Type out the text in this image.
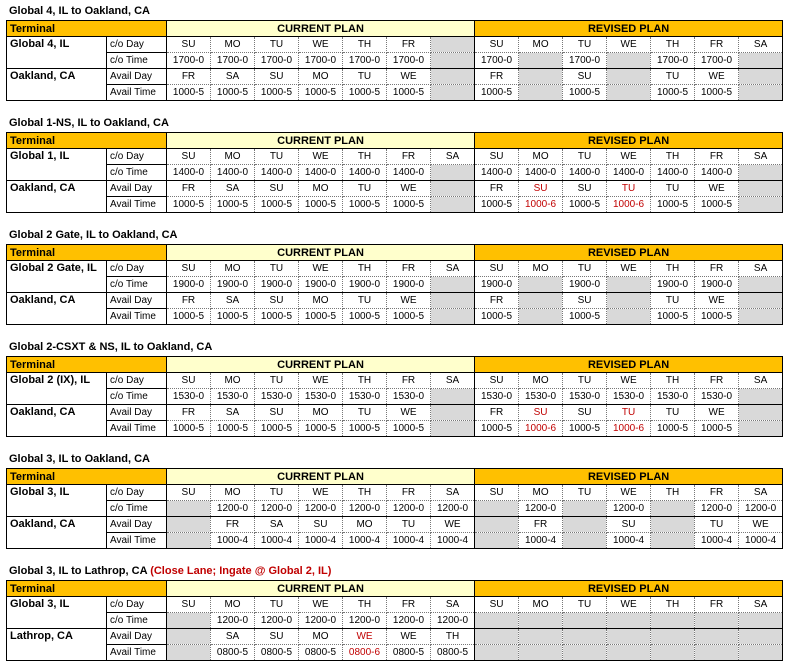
Global 4, IL to Oakland, CA
Terminal		CURRENT PLAN							REVISED PLAN						
Global 4, IL	c/o Day	SU	MO	TU	WE	TH	FR		SU	MO	TU	WE	TH	FR	SA
	c/o Time	1700-0	1700-0	1700-0	1700-0	1700-0	1700-0		1700-0		1700-0		1700-0	1700-0	
Oakland, CA	Avail Day	FR	SA	SU	MO	TU	WE		FR		SU		TU	WE	
	Avail Time	1000-5	1000-5	1000-5	1000-5	1000-5	1000-5		1000-5		1000-5		1000-5	1000-5	
Global 1-NS, IL to Oakland, CA
Terminal		CURRENT PLAN							REVISED PLAN						
Global 1, IL	c/o Day	SU	MO	TU	WE	TH	FR	SA	SU	MO	TU	WE	TH	FR	SA
	c/o Time	1400-0	1400-0	1400-0	1400-0	1400-0	1400-0		1400-0	1400-0	1400-0	1400-0	1400-0	1400-0	
Oakland, CA	Avail Day	FR	SA	SU	MO	TU	WE		FR	SU	SU	TU	TU	WE	
	Avail Time	1000-5	1000-5	1000-5	1000-5	1000-5	1000-5		1000-5	1000-6	1000-5	1000-6	1000-5	1000-5	
Global 2 Gate, IL to Oakland, CA
Terminal		CURRENT PLAN							REVISED PLAN						
Global 2 Gate, IL	c/o Day	SU	MO	TU	WE	TH	FR	SA	SU	MO	TU	WE	TH	FR	SA
	c/o Time	1900-0	1900-0	1900-0	1900-0	1900-0	1900-0		1900-0		1900-0		1900-0	1900-0	
Oakland, CA	Avail Day	FR	SA	SU	MO	TU	WE		FR		SU		TU	WE	
	Avail Time	1000-5	1000-5	1000-5	1000-5	1000-5	1000-5		1000-5		1000-5		1000-5	1000-5	
Global 2-CSXT & NS, IL to Oakland, CA
Terminal		CURRENT PLAN							REVISED PLAN						
Global 2 (IX), IL	c/o Day	SU	MO	TU	WE	TH	FR	SA	SU	MO	TU	WE	TH	FR	SA
	c/o Time	1530-0	1530-0	1530-0	1530-0	1530-0	1530-0		1530-0	1530-0	1530-0	1530-0	1530-0	1530-0	
Oakland, CA	Avail Day	FR	SA	SU	MO	TU	WE		FR	SU	SU	TU	TU	WE	
	Avail Time	1000-5	1000-5	1000-5	1000-5	1000-5	1000-5		1000-5	1000-6	1000-5	1000-6	1000-5	1000-5	
Global 3, IL to Oakland, CA
Terminal		CURRENT PLAN							REVISED PLAN						
Global 3, IL	c/o Day	SU	MO	TU	WE	TH	FR	SA	SU	MO	TU	WE	TH	FR	SA
	c/o Time		1200-0	1200-0	1200-0	1200-0	1200-0	1200-0		1200-0		1200-0		1200-0	1200-0
Oakland, CA	Avail Day		FR	SA	SU	MO	TU	WE		FR		SU		TU	WE
	Avail Time		1000-4	1000-4	1000-4	1000-4	1000-4	1000-4		1000-4		1000-4		1000-4	1000-4
Global 3, IL to Lathrop, CA (Close Lane; Ingate @ Global 2, IL)
Terminal		CURRENT PLAN							REVISED PLAN						
Global 3, IL	c/o Day	SU	MO	TU	WE	TH	FR	SA	SU	MO	TU	WE	TH	FR	SA
	c/o Time		1200-0	1200-0	1200-0	1200-0	1200-0	1200-0							
Lathrop, CA	Avail Day		SA	SU	MO	WE	WE	TH							
	Avail Time		0800-5	0800-5	0800-5	0800-6	0800-5	0800-5							
